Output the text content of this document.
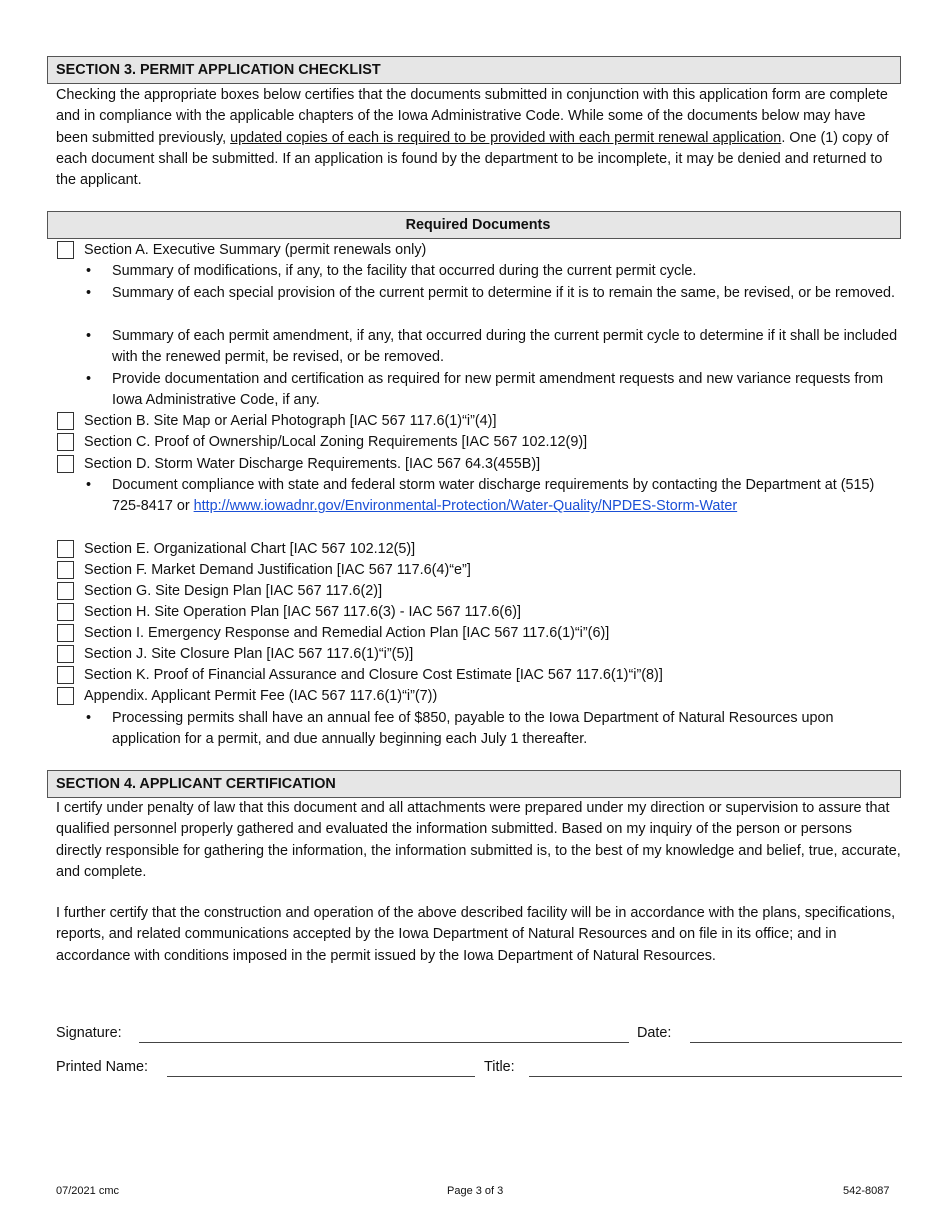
SECTION 3. PERMIT APPLICATION CHECKLIST
Checking the appropriate boxes below certifies that the documents submitted in conjunction with this application form are complete and in compliance with the applicable chapters of the Iowa Administrative Code. While some of the documents below may have been submitted previously, updated copies of each is required to be provided with each permit renewal application. One (1) copy of each document shall be submitted. If an application is found by the department to be incomplete, it may be denied and returned to the applicant.
Required Documents
Section A. Executive Summary (permit renewals only)
• Summary of modifications, if any, to the facility that occurred during the current permit cycle.
• Summary of each special provision of the current permit to determine if it is to remain the same, be revised, or be removed.
• Summary of each permit amendment, if any, that occurred during the current permit cycle to determine if it shall be included with the renewed permit, be revised, or be removed.
• Provide documentation and certification as required for new permit amendment requests and new variance requests from Iowa Administrative Code, if any.
Section B. Site Map or Aerial Photograph [IAC 567 117.6(1)“i”(4)]
Section C. Proof of Ownership/Local Zoning Requirements [IAC 567 102.12(9)]
Section D. Storm Water Discharge Requirements. [IAC 567 64.3(455B)]
• Document compliance with state and federal storm water discharge requirements by contacting the Department at (515) 725-8417 or http://www.iowadnr.gov/Environmental-Protection/Water-Quality/NPDES-Storm-Water
Section E. Organizational Chart [IAC 567 102.12(5)]
Section F. Market Demand Justification [IAC 567 117.6(4)“e”]
Section G. Site Design Plan [IAC 567 117.6(2)]
Section H. Site Operation Plan [IAC 567 117.6(3) - IAC 567 117.6(6)]
Section I. Emergency Response and Remedial Action Plan [IAC 567 117.6(1)“i”(6)]
Section J. Site Closure Plan [IAC 567 117.6(1)“i”(5)]
Section K. Proof of Financial Assurance and Closure Cost Estimate [IAC 567 117.6(1)“i”(8)]
Appendix. Applicant Permit Fee (IAC 567 117.6(1)“i”(7))
• Processing permits shall have an annual fee of $850, payable to the Iowa Department of Natural Resources upon application for a permit, and due annually beginning each July 1 thereafter.
SECTION 4. APPLICANT CERTIFICATION
I certify under penalty of law that this document and all attachments were prepared under my direction or supervision to assure that qualified personnel properly gathered and evaluated the information submitted. Based on my inquiry of the person or persons directly responsible for gathering the information, the information submitted is, to the best of my knowledge and belief, true, accurate, and complete.
I further certify that the construction and operation of the above described facility will be in accordance with the plans, specifications, reports, and related communications accepted by the Iowa Department of Natural Resources and on file in its office; and in accordance with conditions imposed in the permit issued by the Iowa Department of Natural Resources.
Signature:	Date:
Printed Name:	Title:
07/2021 cmc	Page 3 of 3	542-8087
